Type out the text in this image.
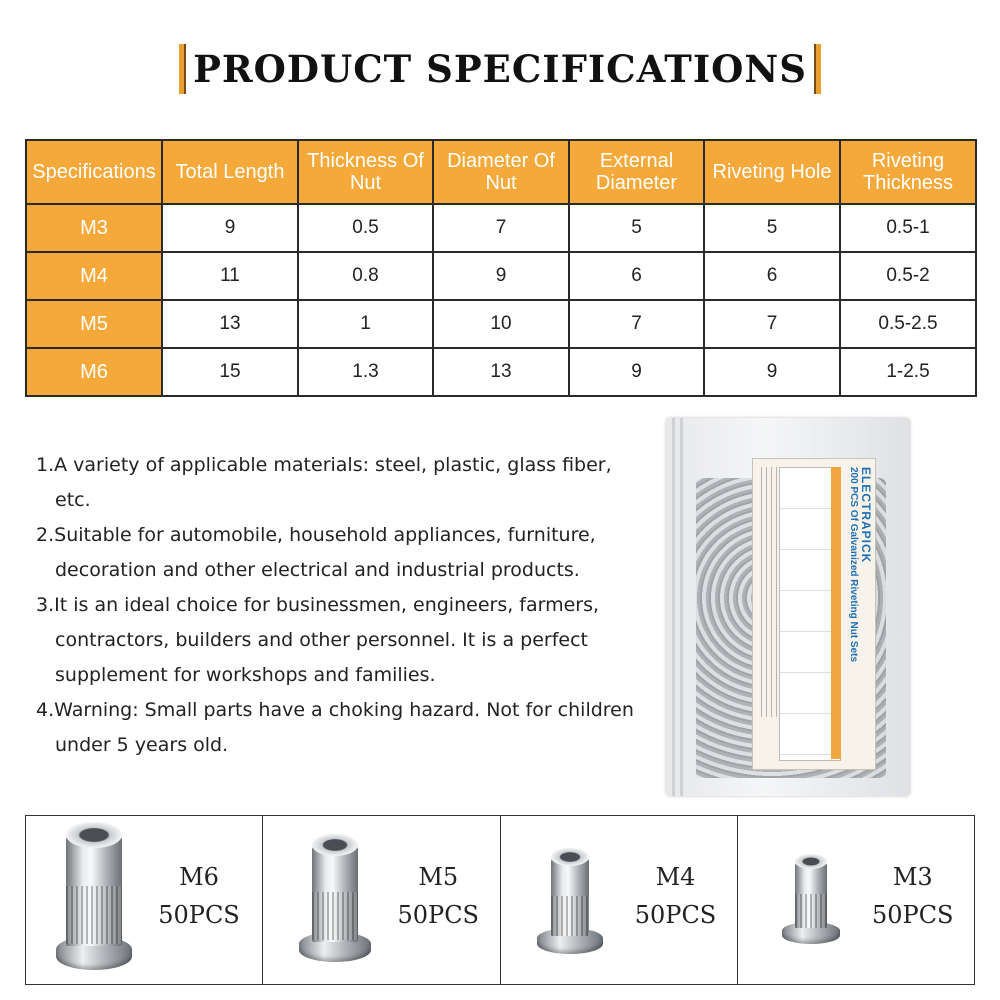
PRODUCT SPECIFICATIONS
Specifications	Total Length	Thickness Of Nut	Diameter Of Nut	External Diameter	Riveting Hole	Riveting Thickness
M3	9	0.5	7	5	5	0.5-1
M4	11	0.8	9	6	6	0.5-2
M5	13	1	10	7	7	0.5-2.5
M6	15	1.3	13	9	9	1-2.5
1.A variety of applicable materials: steel, plastic, glass fiber, etc.
2.Suitable for automobile, household appliances, furniture, decoration and other electrical and industrial products.
3.It is an ideal choice for businessmen, engineers, farmers, contractors, builders and other personnel. It is a perfect supplement for workshops and families.
4.Warning: Small parts have a choking hazard. Not for children under 5 years old.
ELECTRAPICK
200 PCS Of Galvanized Riveting Nut Sets
M6
50PCS
M5
50PCS
M4
50PCS
M3
50PCS
